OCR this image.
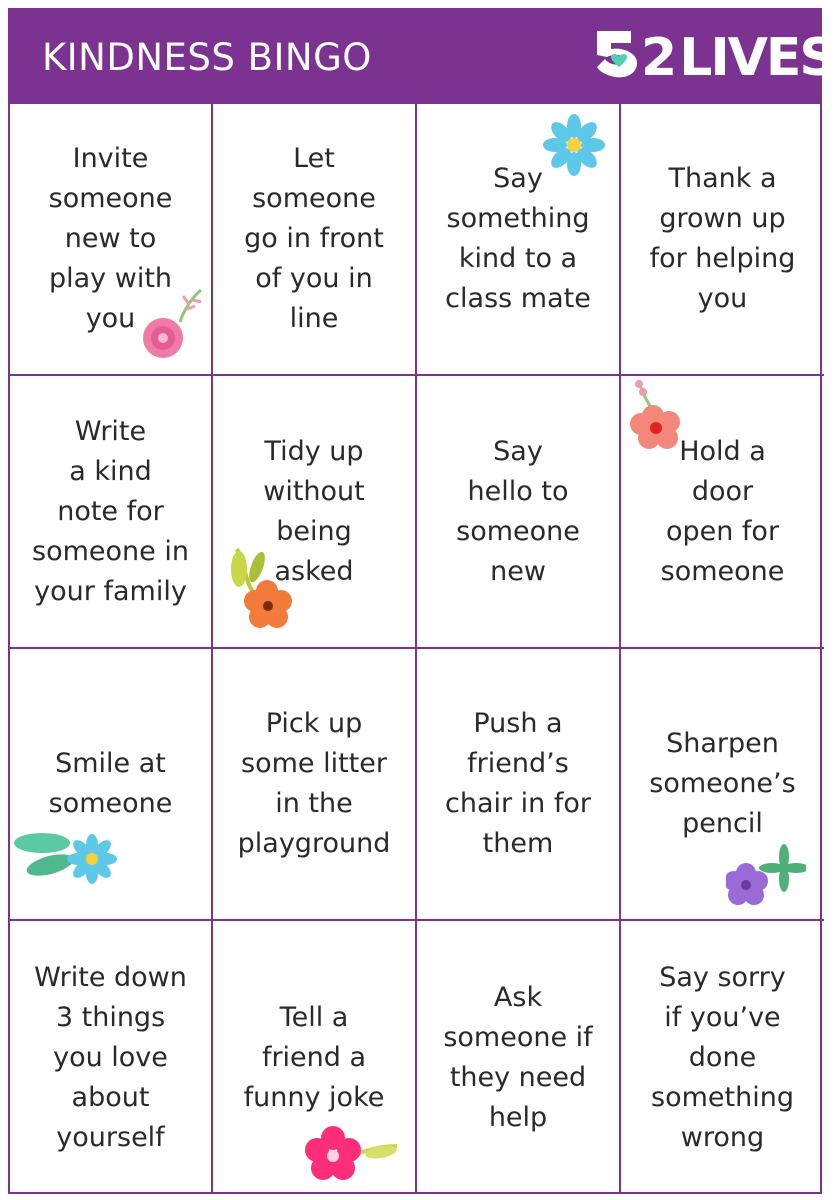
KINDNESS BINGO	2 LIVES
Invite
someone
new to
play with
you
Let
someone
go in front
of you in
line
Say
something
kind to a
class mate
Thank a
grown up
for helping
you
Write
a kind
note for
someone in
your family
Tidy up
without
being
asked
Say
hello to
someone
new
Hold a
door
open for
someone
Smile at
someone
Pick up
some litter
in the
playground
Push a
friend’s
chair in for
them
Sharpen
someone’s
pencil
Write down
3 things
you love
about
yourself
Tell a
friend a
funny joke
Ask
someone if
they need
help
Say sorry
if you’ve
done
something
wrong
